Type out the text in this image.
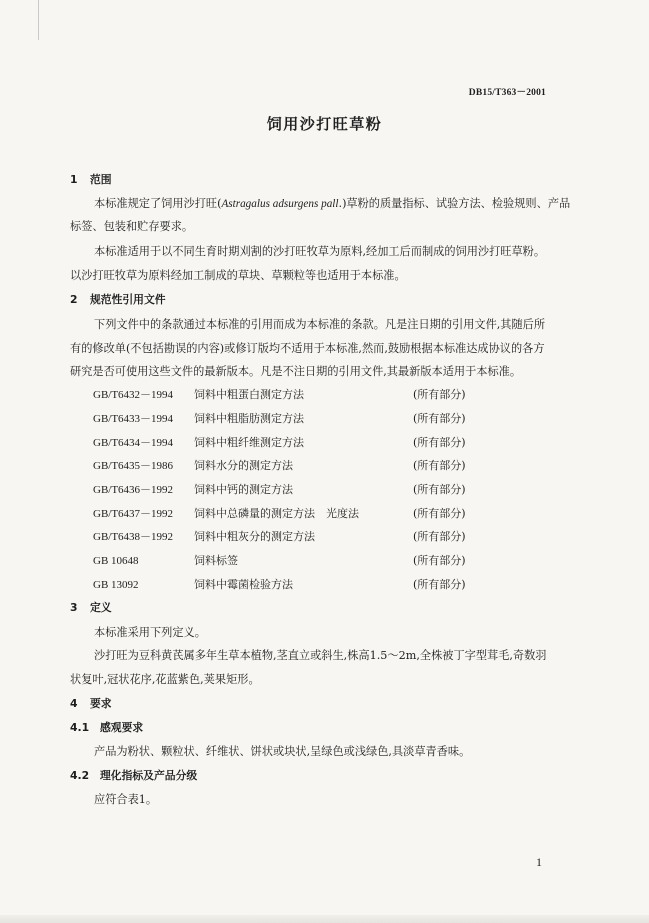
DB15/T363－2001
饲用沙打旺草粉
1 范围
本标准规定了饲用沙打旺(Astragalus adsurgens pall.)草粉的质量指标、试验方法、检验规则、产品
标签、包装和贮存要求。
本标准适用于以不同生育时期刈割的沙打旺牧草为原料,经加工后而制成的饲用沙打旺草粉。
以沙打旺牧草为原料经加工制成的草块、草颗粒等也适用于本标准。
2 规范性引用文件
下列文件中的条款通过本标准的引用而成为本标准的条款。凡是注日期的引用文件,其随后所
有的修改单(不包括勘误的内容)或修订版均不适用于本标准,然而,鼓励根据本标准达成协议的各方
研究是否可使用这些文件的最新版本。凡是不注日期的引用文件,其最新版本适用于本标准。
GB/T6432－1994 饲料中粗蛋白测定方法	(所有部分)
GB/T6433－1994 饲料中粗脂肪测定方法	(所有部分)
GB/T6434－1994 饲料中粗纤维测定方法	(所有部分)
GB/T6435－1986 饲料水分的测定方法	(所有部分)
GB/T6436－1992 饲料中钙的测定方法	(所有部分)
GB/T6437－1992 饲料中总磷量的测定方法　光度法	(所有部分)
GB/T6438－1992 饲料中粗灰分的测定方法	(所有部分)
GB 10648	饲料标签	(所有部分)
GB 13092	饲料中霉菌检验方法	(所有部分)
3 定义
本标准采用下列定义。
沙打旺为豆科黄芪属多年生草本植物,茎直立或斜生,株高1.5～2m,全株被丁字型茸毛,奇数羽
状复叶,冠状花序,花蓝紫色,荚果矩形。
4 要求
4.1 感观要求
产品为粉状、颗粒状、纤维状、饼状或块状,呈绿色或浅绿色,具淡草青香味。
4.2 理化指标及产品分级
应符合表1。
1
